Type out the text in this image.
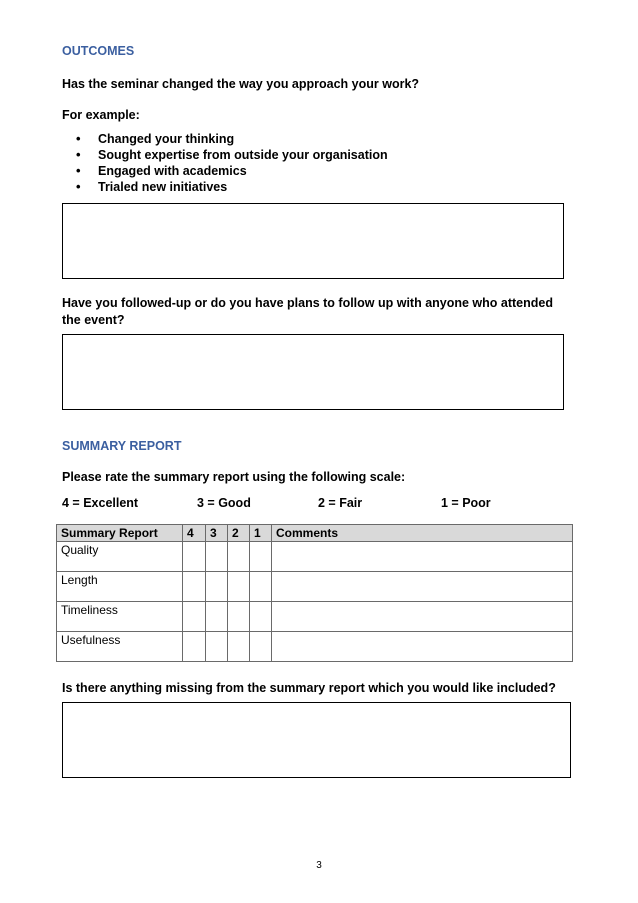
OUTCOMES
Has the seminar changed the way you approach your work?
For example:
• Changed your thinking
• Sought expertise from outside your organisation
• Engaged with academics
• Trialed new initiatives
Have you followed-up or do you have plans to follow up with anyone who attended the event?
SUMMARY REPORT
Please rate the summary report using the following scale:
4 = Excellent	3 = Good	2 = Fair	1 = Poor
Summary Report	4	3	2	1	Comments
Quality					
Length					
Timeliness					
Usefulness					
Is there anything missing from the summary report which you would like included?
3
